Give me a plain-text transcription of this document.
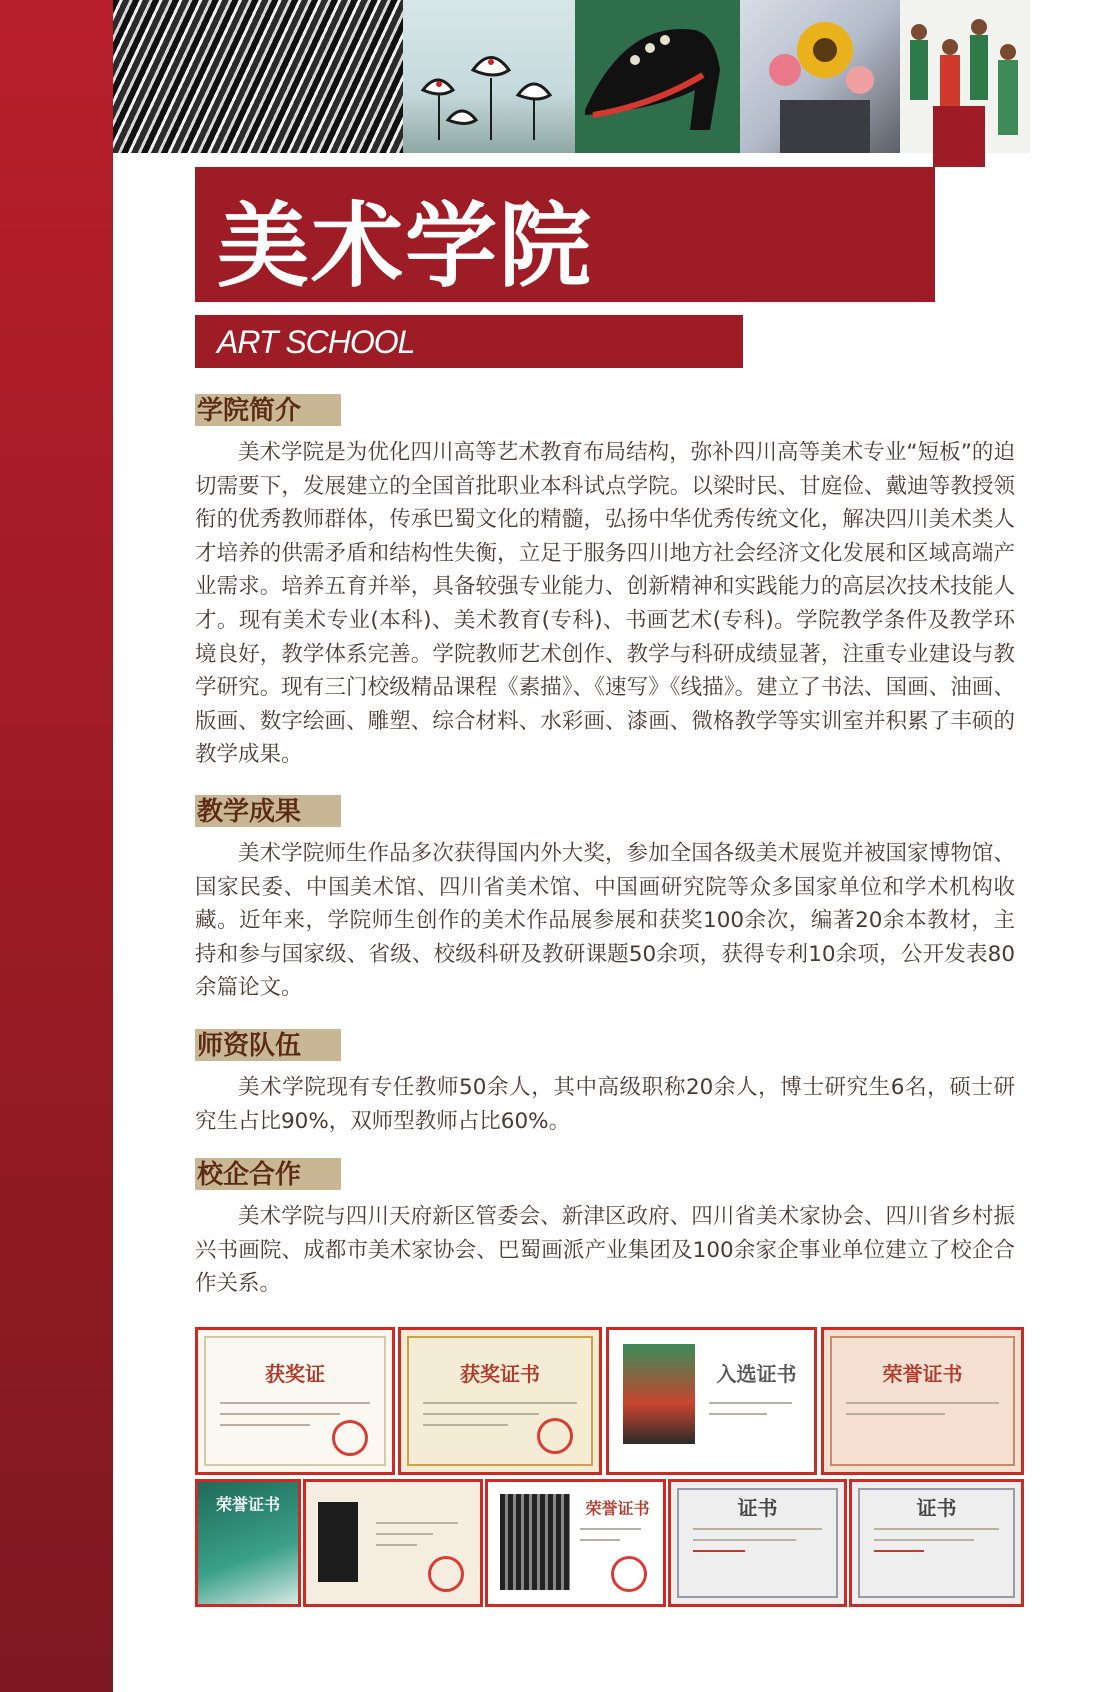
美术学院
ART SCHOOL
学院简介

美术学院是为优化四川高等艺术教育布局结构，弥补四川高等美术专业“短板”的迫切需要下，发展建立的全国首批职业本科试点学院。以梁时民、甘庭俭、戴迪等教授领衔的优秀教师群体，传承巴蜀文化的精髓，弘扬中华优秀传统文化，解决四川美术类人才培养的供需矛盾和结构性失衡，立足于服务四川地方社会经济文化发展和区域高端产业需求。培养五育并举，具备较强专业能力、创新精神和实践能力的高层次技术技能人才。现有美术专业(本科)、美术教育(专科)、书画艺术(专科)。学院教学条件及教学环境良好，教学体系完善。学院教师艺术创作、教学与科研成绩显著，注重专业建设与教学研究。现有三门校级精品课程《素描》、《速写》《线描》。建立了书法、国画、油画、版画、数字绘画、雕塑、综合材料、水彩画、漆画、微格教学等实训室并积累了丰硕的教学成果。

教学成果

美术学院师生作品多次获得国内外大奖，参加全国各级美术展览并被国家博物馆、国家民委、中国美术馆、四川省美术馆、中国画研究院等众多国家单位和学术机构收藏。近年来，学院师生创作的美术作品展参展和获奖100余次，编著20余本教材，主持和参与国家级、省级、校级科研及教研课题50余项，获得专利10余项，公开发表80余篇论文。

师资队伍

美术学院现有专任教师50余人，其中高级职称20余人，博士研究生6名，硕士研究生占比90%，双师型教师占比60%。

校企合作

美术学院与四川天府新区管委会、新津区政府、四川省美术家协会、四川省乡村振兴书画院、成都市美术家协会、巴蜀画派产业集团及100余家企事业单位建立了校企合作关系。

获奖证	获奖证书	入选证书	荣誉证书
荣誉证书	荣誉证书	证书	证书
